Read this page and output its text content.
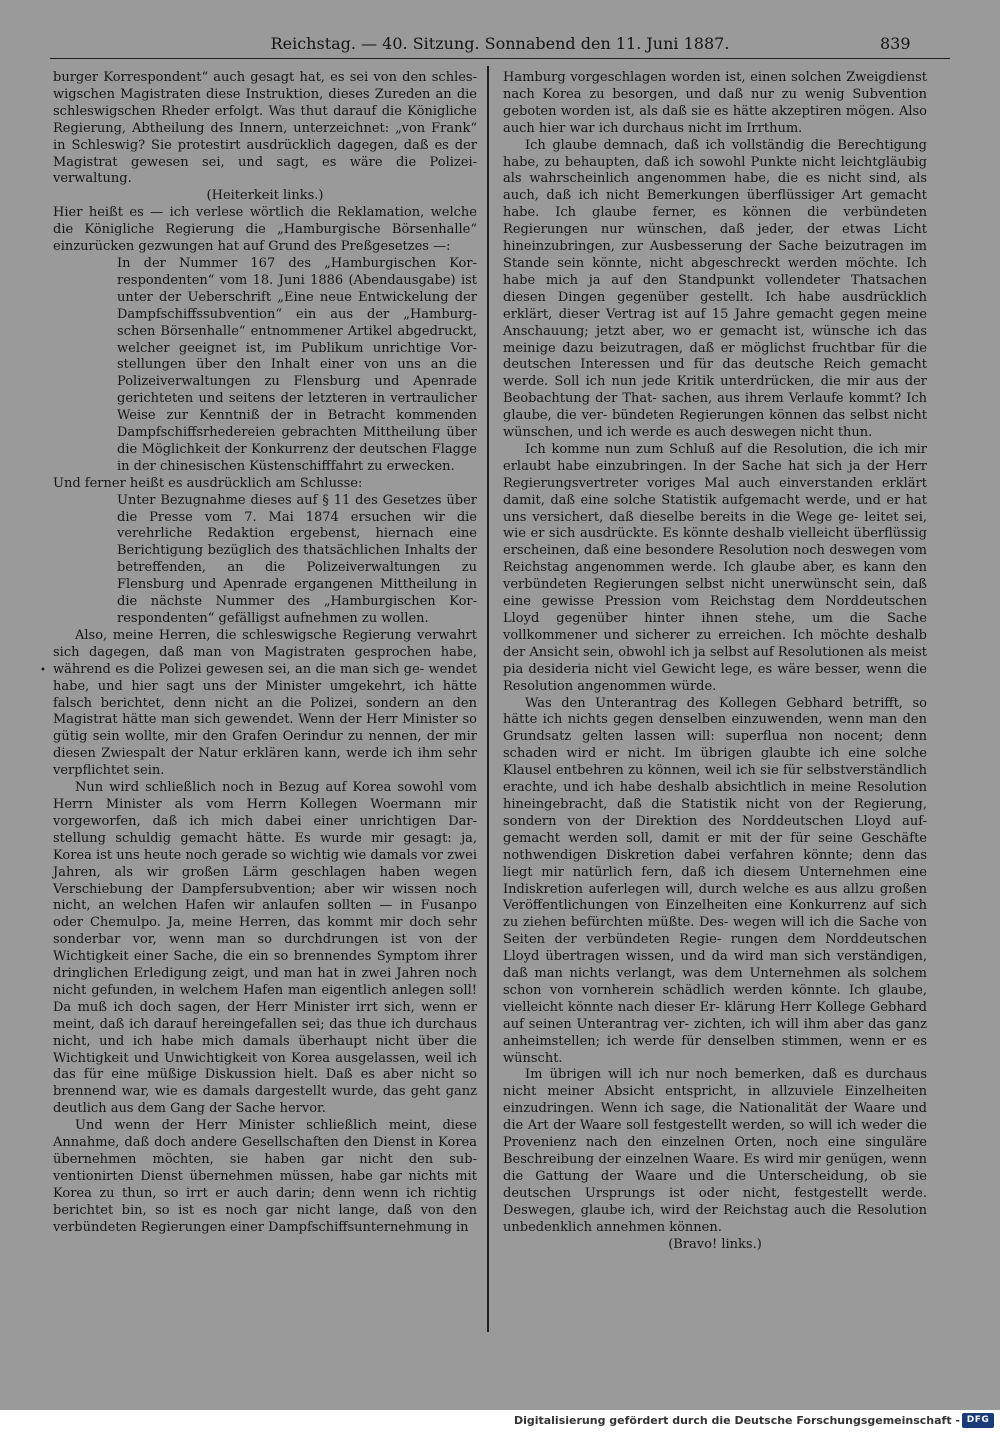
Reichstag. — 40. Sitzung. Sonnabend den 11. Juni 1887.	839
•

burger Korrespondent“ auch gesagt hat, es sei von den schles- wigschen Magistraten diese Instruktion, dieses Zureden an die schleswigschen Rheder erfolgt. Was thut darauf die Königliche Regierung, Abtheilung des Innern, unterzeichnet: „von Frank“ in Schleswig? Sie protestirt ausdrücklich dagegen, daß es der Magistrat gewesen sei, und sagt, es wäre die Polizei- verwaltung.

(Heiterkeit links.)

Hier heißt es — ich verlese wörtlich die Reklamation, welche die Königliche Regierung die „Hamburgische Börsenhalle“ einzurücken gezwungen hat auf Grund des Preßgesetzes —:

In der Nummer 167 des „Hamburgischen Kor- respondenten“ vom 18. Juni 1886 (Abendausgabe) ist unter der Ueberschrift „Eine neue Entwickelung der Dampfschiffssubvention“ ein aus der „Hamburg- schen Börsenhalle“ entnommener Artikel abgedruckt, welcher geeignet ist, im Publikum unrichtige Vor- stellungen über den Inhalt einer von uns an die Polizeiverwaltungen zu Flensburg und Apenrade gerichteten und seitens der letzteren in vertraulicher Weise zur Kenntniß der in Betracht kommenden Dampfschiffsrhedereien gebrachten Mittheilung über die Möglichkeit der Konkurrenz der deutschen Flagge in der chinesischen Küstenschifffahrt zu erwecken.

Und ferner heißt es ausdrücklich am Schlusse:

Unter Bezugnahme dieses auf § 11 des Gesetzes über die Presse vom 7. Mai 1874 ersuchen wir die verehrliche Redaktion ergebenst, hiernach eine Berichtigung bezüglich des thatsächlichen Inhalts der betreffenden, an die Polizeiverwaltungen zu Flensburg und Apenrade ergangenen Mittheilung in die nächste Nummer des „Hamburgischen Kor- respondenten“ gefälligst aufnehmen zu wollen.

Also, meine Herren, die schleswigsche Regierung verwahrt sich dagegen, daß man von Magistraten gesprochen habe, während es die Polizei gewesen sei, an die man sich ge- wendet habe, und hier sagt uns der Minister umgekehrt, ich hätte falsch berichtet, denn nicht an die Polizei, sondern an den Magistrat hätte man sich gewendet. Wenn der Herr Minister so gütig sein wollte, mir den Grafen Oerindur zu nennen, der mir diesen Zwiespalt der Natur erklären kann, werde ich ihm sehr verpflichtet sein.

Nun wird schließlich noch in Bezug auf Korea sowohl vom Herrn Minister als vom Herrn Kollegen Woermann mir vorgeworfen, daß ich mich dabei einer unrichtigen Dar- stellung schuldig gemacht hätte. Es wurde mir gesagt: ja, Korea ist uns heute noch gerade so wichtig wie damals vor zwei Jahren, als wir großen Lärm geschlagen haben wegen Verschiebung der Dampfersubvention; aber wir wissen noch nicht, an welchen Hafen wir anlaufen sollten — in Fusanpo oder Chemulpo. Ja, meine Herren, das kommt mir doch sehr sonderbar vor, wenn man so durchdrungen ist von der Wichtigkeit einer Sache, die ein so brennendes Symptom ihrer dringlichen Erledigung zeigt, und man hat in zwei Jahren noch nicht gefunden, in welchem Hafen man eigentlich anlegen soll! Da muß ich doch sagen, der Herr Minister irrt sich, wenn er meint, daß ich darauf hereingefallen sei; das thue ich durchaus nicht, und ich habe mich damals überhaupt nicht über die Wichtigkeit und Unwichtigkeit von Korea ausgelassen, weil ich das für eine müßige Diskussion hielt. Daß es aber nicht so brennend war, wie es damals dargestellt wurde, das geht ganz deutlich aus dem Gang der Sache hervor.

Und wenn der Herr Minister schließlich meint, diese Annahme, daß doch andere Gesellschaften den Dienst in Korea übernehmen möchten, sie haben gar nicht den sub- ventionirten Dienst übernehmen müssen, habe gar nichts mit Korea zu thun, so irrt er auch darin; denn wenn ich richtig berichtet bin, so ist es noch gar nicht lange, daß von den verbündeten Regierungen einer Dampfschiffsunternehmung in

Hamburg vorgeschlagen worden ist, einen solchen Zweigdienst nach Korea zu besorgen, und daß nur zu wenig Subvention geboten worden ist, als daß sie es hätte akzeptiren mögen. Also auch hier war ich durchaus nicht im Irrthum.

Ich glaube demnach, daß ich vollständig die Berechtigung habe, zu behaupten, daß ich sowohl Punkte nicht leichtgläubig als wahrscheinlich angenommen habe, die es nicht sind, als auch, daß ich nicht Bemerkungen überflüssiger Art gemacht habe. Ich glaube ferner, es können die verbündeten Regierungen nur wünschen, daß jeder, der etwas Licht hineinzubringen, zur Ausbesserung der Sache beizutragen im Stande sein könnte, nicht abgeschreckt werden möchte. Ich habe mich ja auf den Standpunkt vollendeter Thatsachen diesen Dingen gegenüber gestellt. Ich habe ausdrücklich erklärt, dieser Vertrag ist auf 15 Jahre gemacht gegen meine Anschauung; jetzt aber, wo er gemacht ist, wünsche ich das meinige dazu beizutragen, daß er möglichst fruchtbar für die deutschen Interessen und für das deutsche Reich gemacht werde. Soll ich nun jede Kritik unterdrücken, die mir aus der Beobachtung der That- sachen, aus ihrem Verlaufe kommt? Ich glaube, die ver- bündeten Regierungen können das selbst nicht wünschen, und ich werde es auch deswegen nicht thun.

Ich komme nun zum Schluß auf die Resolution, die ich mir erlaubt habe einzubringen. In der Sache hat sich ja der Herr Regierungsvertreter voriges Mal auch einverstanden erklärt damit, daß eine solche Statistik aufgemacht werde, und er hat uns versichert, daß dieselbe bereits in die Wege ge- leitet sei, wie er sich ausdrückte. Es könnte deshalb vielleicht überflüssig erscheinen, daß eine besondere Resolution noch deswegen vom Reichstag angenommen werde. Ich glaube aber, es kann den verbündeten Regierungen selbst nicht unerwünscht sein, daß eine gewisse Pression vom Reichstag dem Norddeutschen Lloyd gegenüber hinter ihnen stehe, um die Sache vollkommener und sicherer zu erreichen. Ich möchte deshalb der Ansicht sein, obwohl ich ja selbst auf Resolutionen als meist pia desideria nicht viel Gewicht lege, es wäre besser, wenn die Resolution angenommen würde.

Was den Unterantrag des Kollegen Gebhard betrifft, so hätte ich nichts gegen denselben einzuwenden, wenn man den Grundsatz gelten lassen will: superflua non nocent; denn schaden wird er nicht. Im übrigen glaubte ich eine solche Klausel entbehren zu können, weil ich sie für selbstverständlich erachte, und ich habe deshalb absichtlich in meine Resolution hineingebracht, daß die Statistik nicht von der Regierung, sondern von der Direktion des Norddeutschen Lloyd auf- gemacht werden soll, damit er mit der für seine Geschäfte nothwendigen Diskretion dabei verfahren könnte; denn das liegt mir natürlich fern, daß ich diesem Unternehmen eine Indiskretion auferlegen will, durch welche es aus allzu großen Veröffentlichungen von Einzelheiten eine Konkurrenz auf sich zu ziehen befürchten müßte. Des- wegen will ich die Sache von Seiten der verbündeten Regie- rungen dem Norddeutschen Lloyd übertragen wissen, und da wird man sich verständigen, daß man nichts verlangt, was dem Unternehmen als solchem schon von vornherein schädlich werden könnte. Ich glaube, vielleicht könnte nach dieser Er- klärung Herr Kollege Gebhard auf seinen Unterantrag ver- zichten, ich will ihm aber das ganz anheimstellen; ich werde für denselben stimmen, wenn er es wünscht.

Im übrigen will ich nur noch bemerken, daß es durchaus nicht meiner Absicht entspricht, in allzuviele Einzelheiten einzudringen. Wenn ich sage, die Nationalität der Waare und die Art der Waare soll festgestellt werden, so will ich weder die Provenienz nach den einzelnen Orten, noch eine singuläre Beschreibung der einzelnen Waare. Es wird mir genügen, wenn die Gattung der Waare und die Unterscheidung, ob sie deutschen Ursprungs ist oder nicht, festgestellt werde. Deswegen, glaube ich, wird der Reichstag auch die Resolution unbedenklich annehmen können.

(Bravo! links.)

Digitalisierung gefördert durch die Deutsche Forschungsgemeinschaft - DFG
